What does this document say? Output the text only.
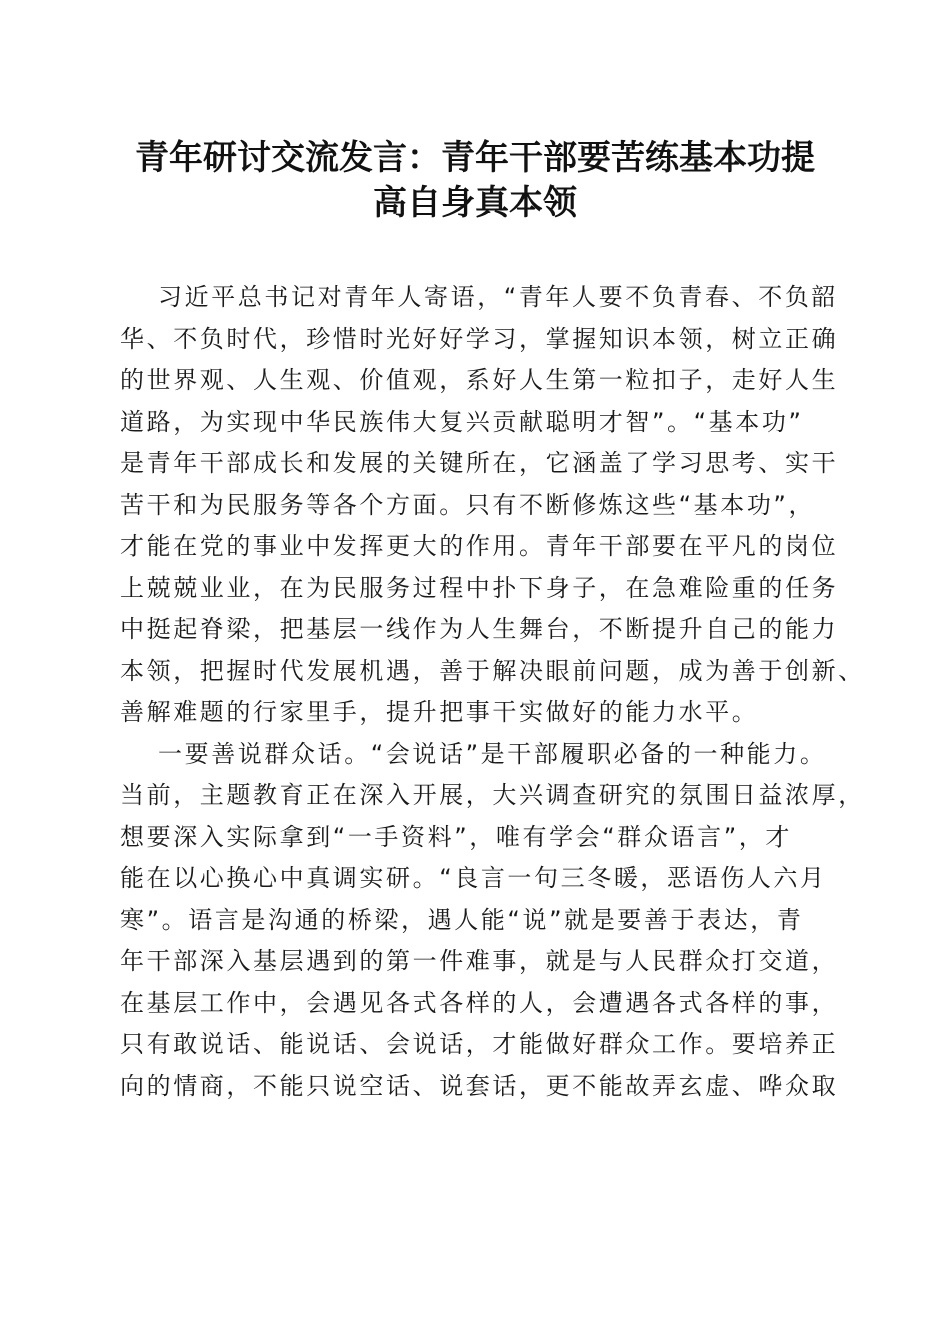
青年研讨交流发言：青年干部要苦练基本功提
高自身真本领
习近平总书记对青年人寄语，“青年人要不负青春、不负韶
华、不负时代，珍惜时光好好学习，掌握知识本领，树立正确
的世界观、人生观、价值观，系好人生第一粒扣子，走好人生
道路，为实现中华民族伟大复兴贡献聪明才智”。“基本功”
是青年干部成长和发展的关键所在，它涵盖了学习思考、实干
苦干和为民服务等各个方面。只有不断修炼这些“基本功”，
才能在党的事业中发挥更大的作用。青年干部要在平凡的岗位
上兢兢业业，在为民服务过程中扑下身子，在急难险重的任务
中挺起脊梁，把基层一线作为人生舞台，不断提升自己的能力
本领，把握时代发展机遇，善于解决眼前问题，成为善于创新、
善解难题的行家里手，提升把事干实做好的能力水平。
一要善说群众话。“会说话”是干部履职必备的一种能力。
当前，主题教育正在深入开展，大兴调查研究的氛围日益浓厚，
想要深入实际拿到“一手资料”，唯有学会“群众语言”，才
能在以心换心中真调实研。“良言一句三冬暖，恶语伤人六月
寒”。语言是沟通的桥梁，遇人能“说”就是要善于表达，青
年干部深入基层遇到的第一件难事，就是与人民群众打交道，
在基层工作中，会遇见各式各样的人，会遭遇各式各样的事，
只有敢说话、能说话、会说话，才能做好群众工作。要培养正
向的情商，不能只说空话、说套话，更不能故弄玄虚、哗众取
